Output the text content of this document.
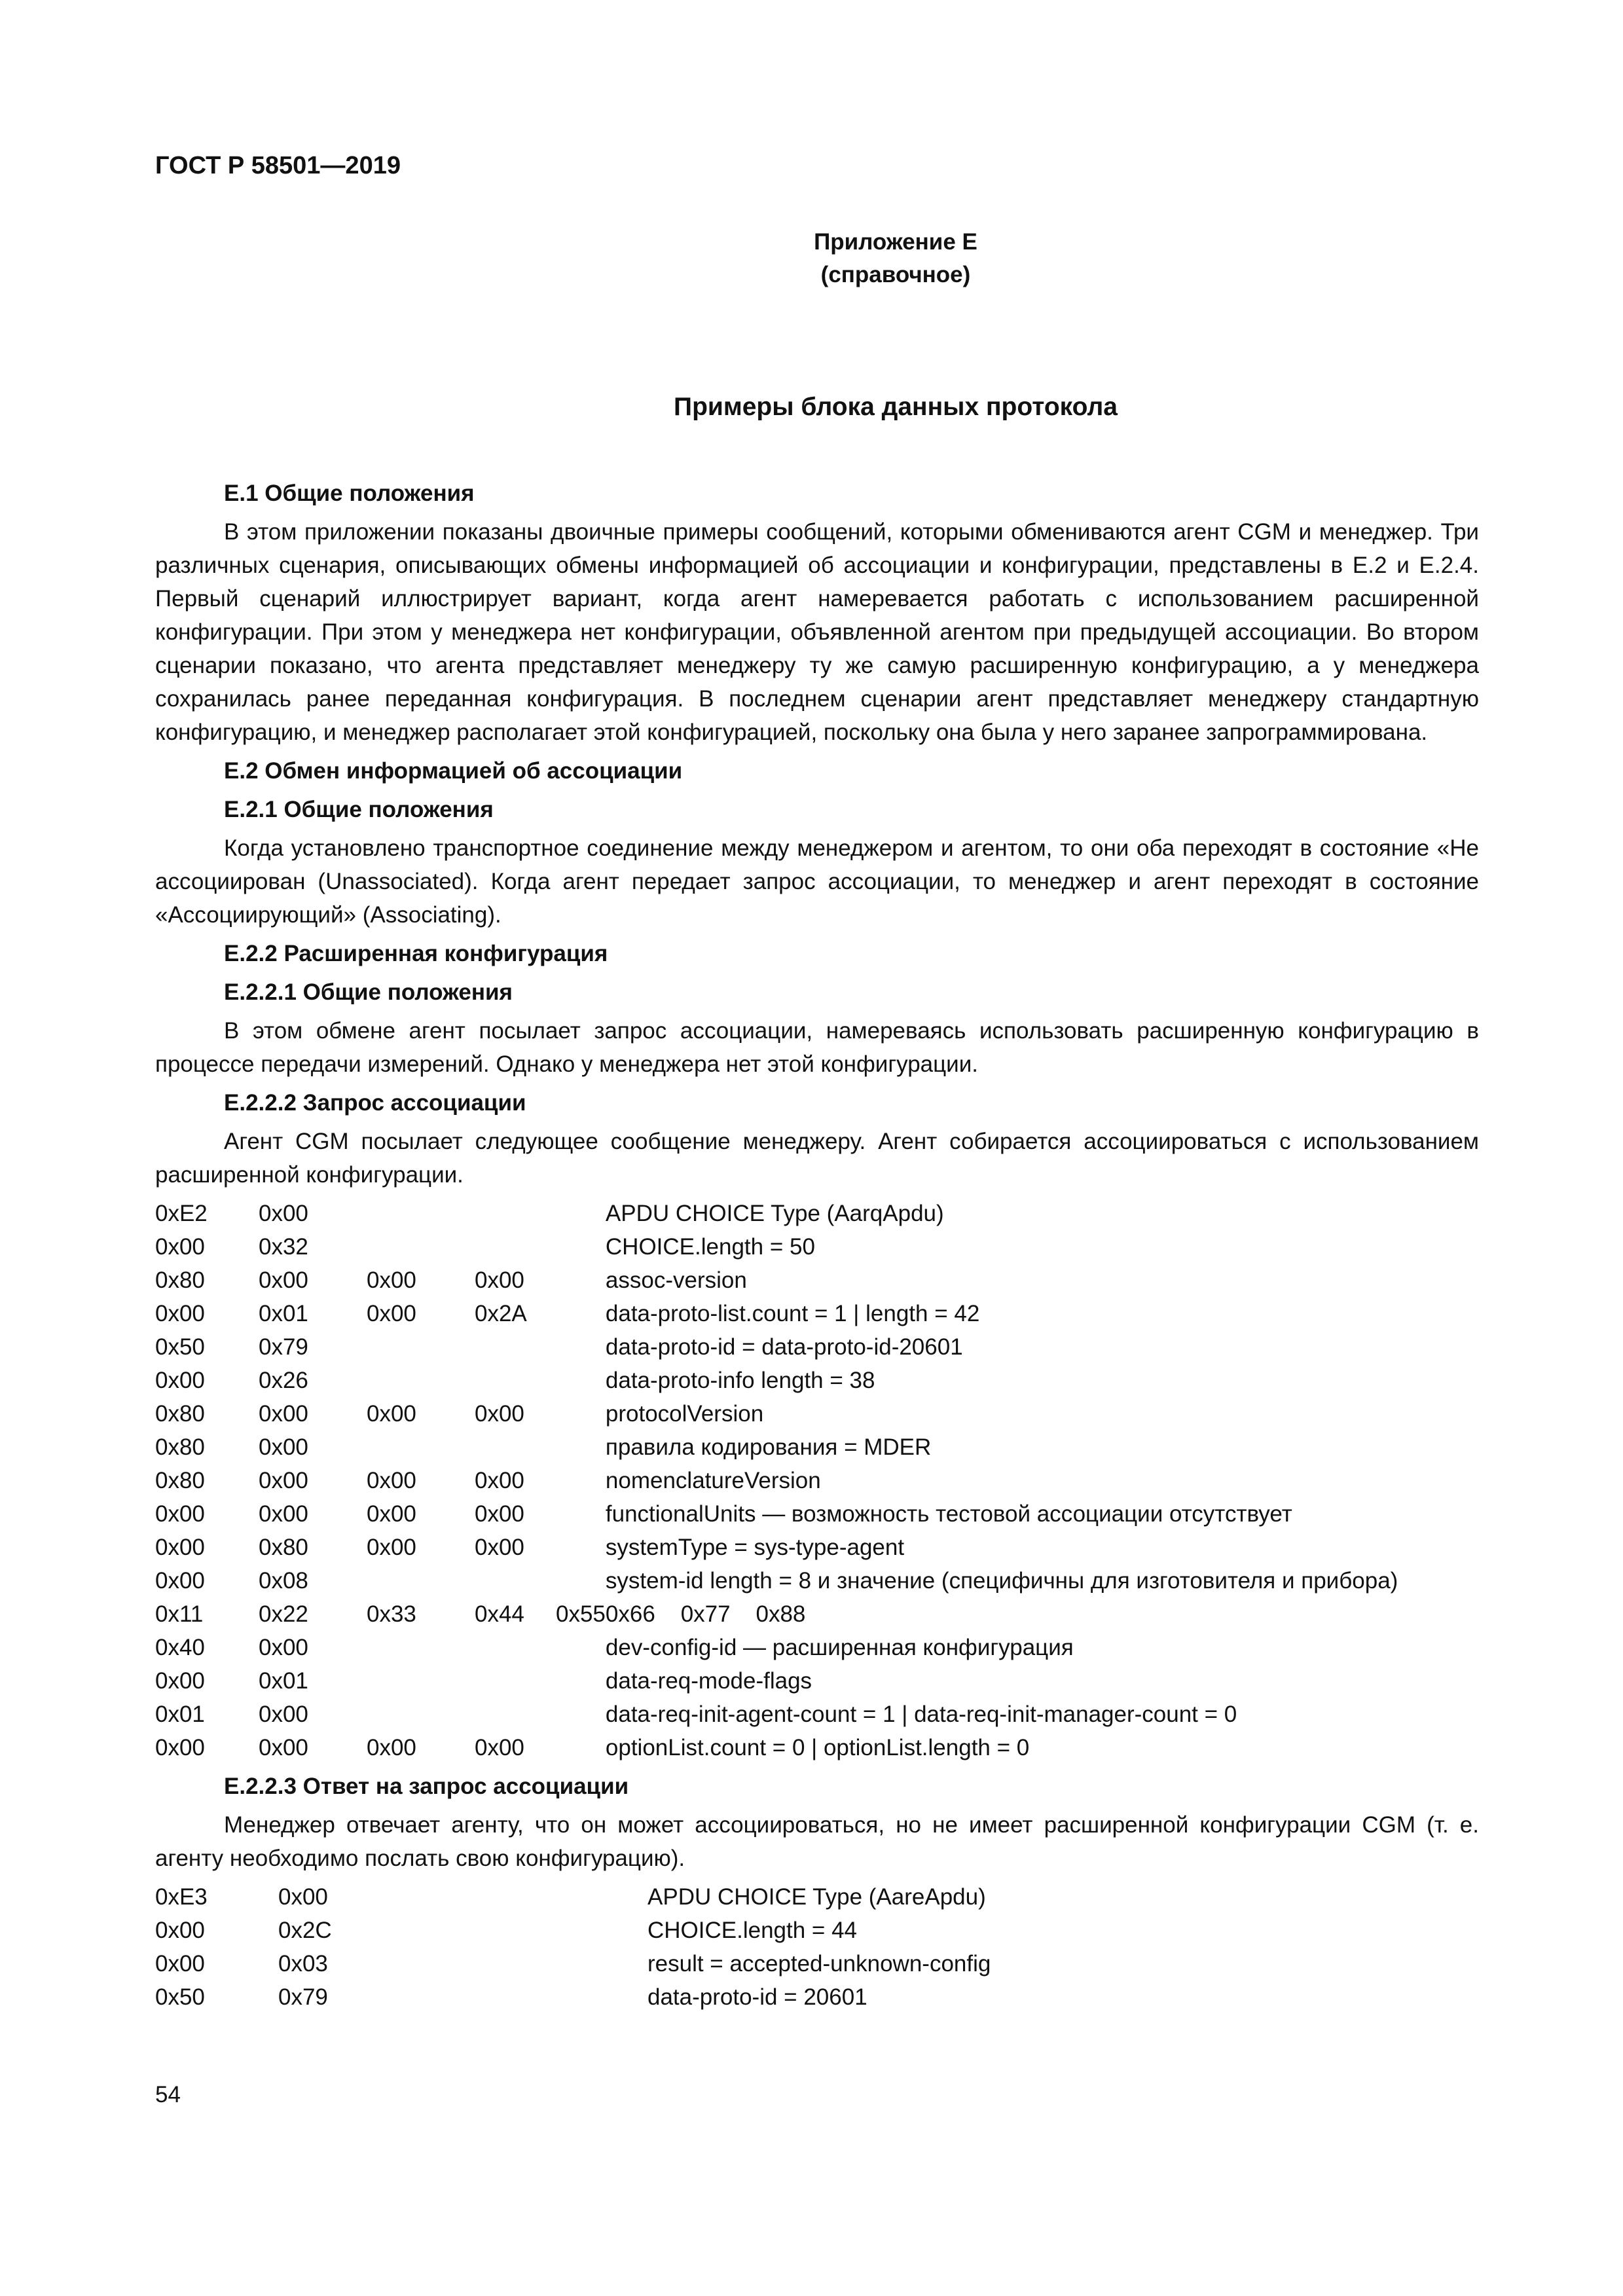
ГОСТ Р 58501—2019
Приложение Е
(справочное)
Примеры блока данных протокола
Е.1 Общие положения
В этом приложении показаны двоичные примеры сообщений, которыми обмениваются агент CGM и менеджер. Три различных сценария, описывающих обмены информацией об ассоциации и конфигурации, представлены в Е.2 и Е.2.4. Первый сценарий иллюстрирует вариант, когда агент намеревается работать с использованием расширенной конфигурации. При этом у менеджера нет конфигурации, объявленной агентом при предыдущей ассоциации. Во втором сценарии показано, что агента представляет менеджеру ту же самую расширенную конфигурацию, а у менеджера сохранилась ранее переданная конфигурация. В последнем сценарии агент представляет менеджеру стандартную конфигурацию, и менеджер располагает этой конфигурацией, поскольку она была у него заранее запрограммирована.
Е.2 Обмен информацией об ассоциации
Е.2.1 Общие положения
Когда установлено транспортное соединение между менеджером и агентом, то они оба переходят в состояние «Не ассоциирован (Unassociated). Когда агент передает запрос ассоциации, то менеджер и агент переходят в состояние «Ассоциирующий» (Associating).
Е.2.2 Расширенная конфигурация
Е.2.2.1 Общие положения
В этом обмене агент посылает запрос ассоциации, намереваясь использовать расширенную конфигурацию в процессе передачи измерений. Однако у менеджера нет этой конфигурации.
Е.2.2.2 Запрос ассоциации
Агент CGM посылает следующее сообщение менеджеру. Агент собирается ассоциироваться с использованием расширенной конфигурации.
0xE2	0x00				APDU CHOICE Type (AarqApdu)
0x00	0x32				CHOICE.length = 50
0x80	0x00	0x00	0x00		assoc-version
0x00	0x01	0x00	0x2A		data-proto-list.count = 1 | length = 42
0x50	0x79				data-proto-id = data-proto-id-20601
0x00	0x26				data-proto-info length = 38
0x80	0x00	0x00	0x00		protocolVersion
0x80	0x00				правила кодирования = MDER
0x80	0x00	0x00	0x00		nomenclatureVersion
0x00	0x00	0x00	0x00		functionalUnits — возможность тестовой ассоциации отсутствует
0x00	0x80	0x00	0x00		systemType = sys-type-agent
0x00	0x08				system-id length = 8 и значение (специфичны для изготовителя и прибора)
0x11	0x22	0x33	0x44	0x55	0x66    0x77    0x88
0x40	0x00				dev-config-id — расширенная конфигурация
0x00	0x01				data-req-mode-flags
0x01	0x00				data-req-init-agent-count = 1 | data-req-init-manager-count = 0
0x00	0x00	0x00	0x00		optionList.count = 0 | optionList.length = 0
Е.2.2.3 Ответ на запрос ассоциации
Менеджер отвечает агенту, что он может ассоциироваться, но не имеет расширенной конфигурации CGM (т. е. агенту необходимо послать свою конфигурацию).
0xE3	0x00	APDU CHOICE Type (AareApdu)
0x00	0x2C	CHOICE.length = 44
0x00	0x03	result = accepted-unknown-config
0x50	0x79	data-proto-id = 20601
54
